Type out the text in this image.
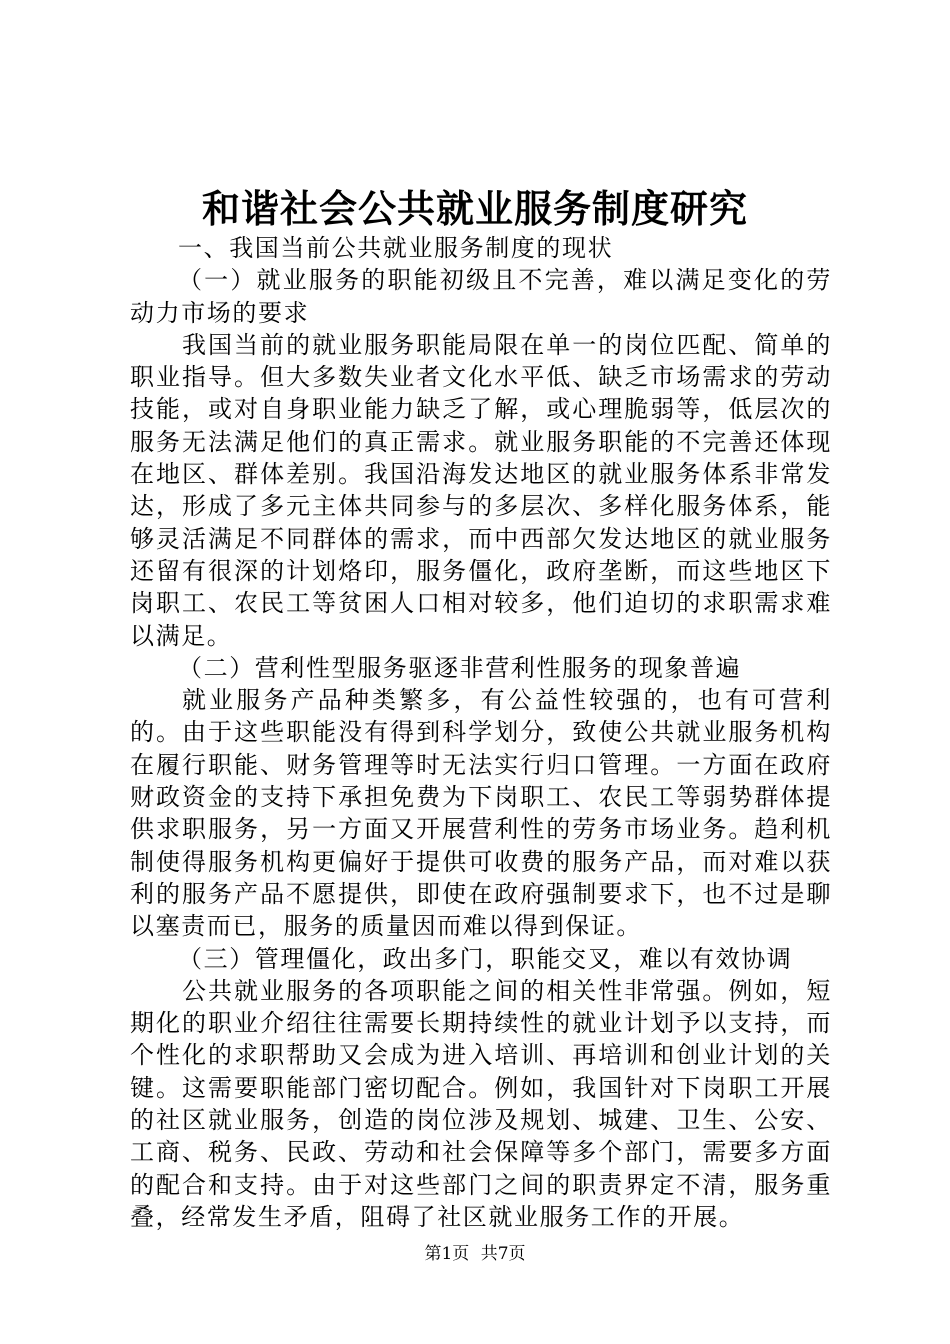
和谐社会公共就业服务制度研究

一、我国当前公共就业服务制度的现状

（一）就业服务的职能初级且不完善，难以满足变化的劳动力市场的要求

我国当前的就业服务职能局限在单一的岗位匹配、简单的职业指导。但大多数失业者文化水平低、缺乏市场需求的劳动技能，或对自身职业能力缺乏了解，或心理脆弱等，低层次的服务无法满足他们的真正需求。就业服务职能的不完善还体现在地区、群体差别。我国沿海发达地区的就业服务体系非常发达，形成了多元主体共同参与的多层次、多样化服务体系，能够灵活满足不同群体的需求，而中西部欠发达地区的就业服务还留有很深的计划烙印，服务僵化，政府垄断，而这些地区下岗职工、农民工等贫困人口相对较多，他们迫切的求职需求难以满足。

（二）营利性型服务驱逐非营利性服务的现象普遍

就业服务产品种类繁多，有公益性较强的，也有可营利的。由于这些职能没有得到科学划分，致使公共就业服务机构在履行职能、财务管理等时无法实行归口管理。一方面在政府财政资金的支持下承担免费为下岗职工、农民工等弱势群体提供求职服务，另一方面又开展营利性的劳务市场业务。趋利机制使得服务机构更偏好于提供可收费的服务产品，而对难以获利的服务产品不愿提供，即使在政府强制要求下，也不过是聊以塞责而已，服务的质量因而难以得到保证。

（三）管理僵化，政出多门，职能交叉，难以有效协调

公共就业服务的各项职能之间的相关性非常强。例如，短期化的职业介绍往往需要长期持续性的就业计划予以支持，而个性化的求职帮助又会成为进入培训、再培训和创业计划的关键。这需要职能部门密切配合。例如，我国针对下岗职工开展的社区就业服务，创造的岗位涉及规划、城建、卫生、公安、工商、税务、民政、劳动和社会保障等多个部门，需要多方面的配合和支持。由于对这些部门之间的职责界定不清，服务重叠，经常发生矛盾，阻碍了社区就业服务工作的开展。

第1页 共7页
